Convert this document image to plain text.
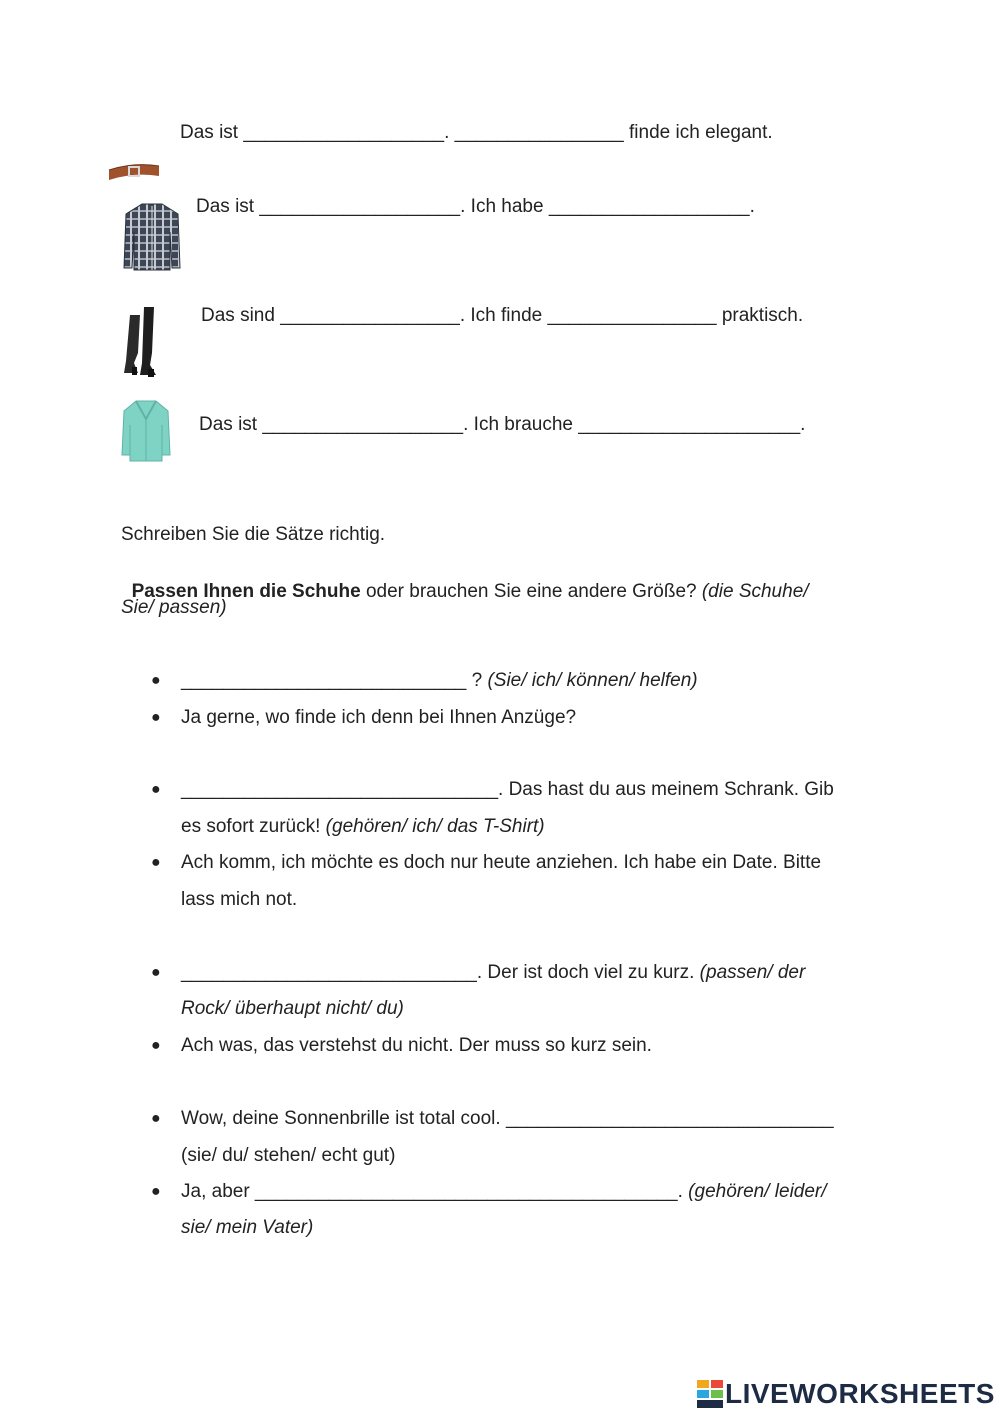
Das ist ___________________. ________________ finde ich elegant.
Das ist ___________________. Ich habe ___________________.
Das sind _________________. Ich finde ________________ praktisch.
Das ist ___________________. Ich brauche _____________________.
Schreiben Sie die Sätze richtig.

Passen Ihnen die Schuhe oder brauchen Sie eine andere Größe? (die Schuhe/

Sie/ passen)
● ___________________________ ? (Sie/ ich/ können/ helfen)
● Ja gerne, wo finde ich denn bei Ihnen Anzüge?
● ______________________________. Das hast du aus meinem Schrank. Gib
es sofort zurück! (gehören/ ich/ das T-Shirt)
● Ach komm, ich möchte es doch nur heute anziehen. Ich habe ein Date. Bitte
lass mich not.
● ____________________________. Der ist doch viel zu kurz. (passen/ der
Rock/ überhaupt nicht/ du)
● Ach was, das verstehst du nicht. Der muss so kurz sein.
● Wow, deine Sonnenbrille ist total cool. _______________________________
(sie/ du/ stehen/ echt gut)
● Ja, aber ________________________________________. (gehören/ leider/
sie/ mein Vater)
LIVEWORKSHEETS
